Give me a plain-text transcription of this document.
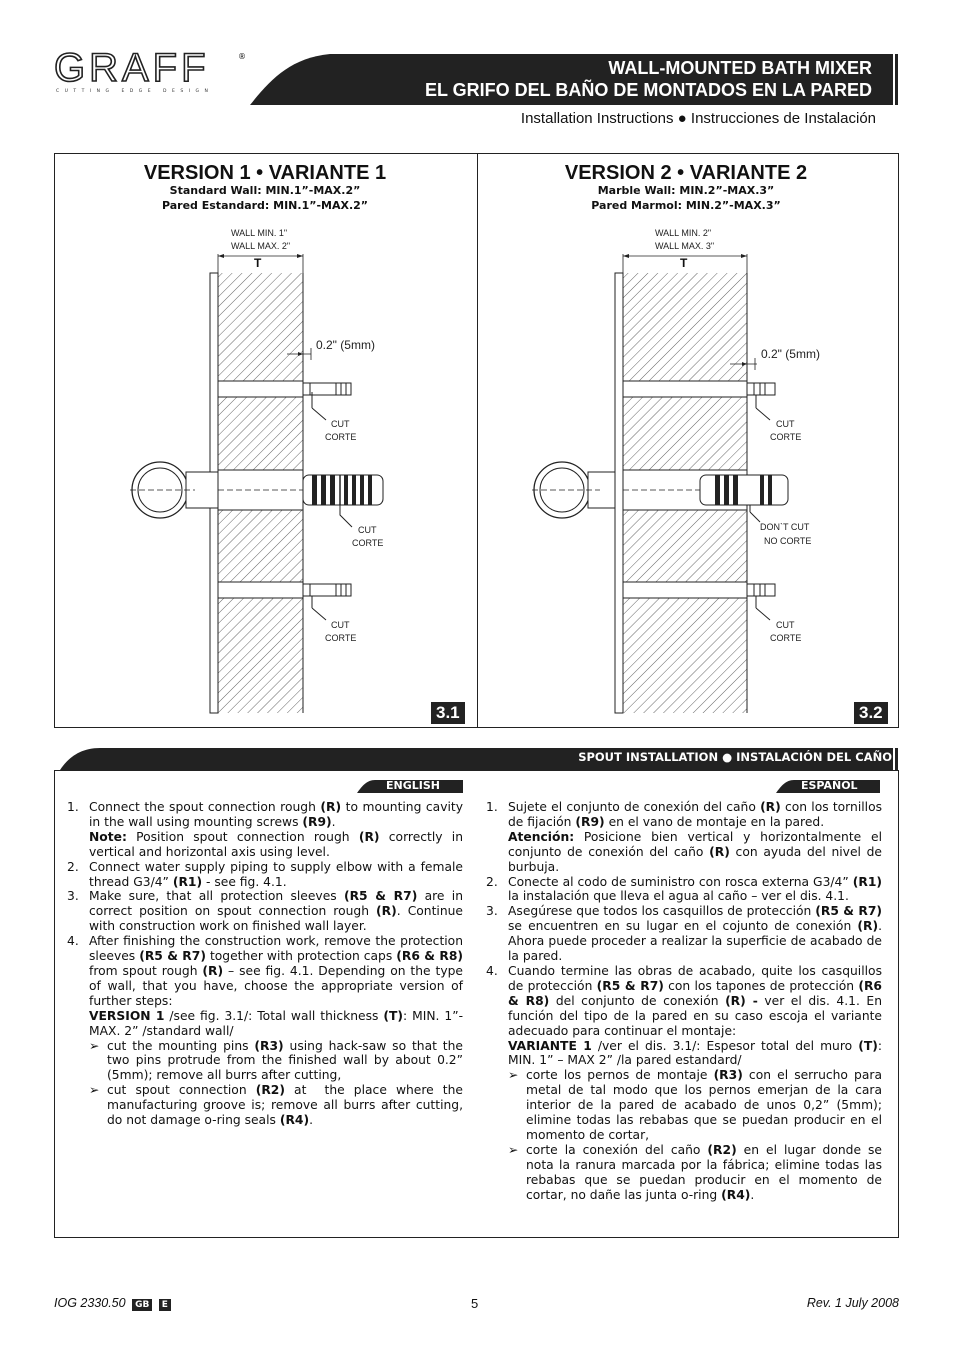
GRAFF	®
CUTTING EDGE DESIGN
WALL-MOUNTED BATH MIXER
EL GRIFO DEL BAÑO DE MONTADOS EN LA PARED
Installation Instructions ● Instrucciones de Instalación
VERSION 1 • VARIANTE 1
Standard Wall: MIN.1”-MAX.2”
Pared Estandard: MIN.1”-MAX.2”
VERSION 2 • VARIANTE 2
Marble Wall: MIN.2”-MAX.3”
Pared Marmol: MIN.2”-MAX.3”
WALL MIN. 1"
WALL MAX. 2"
T
0.2" (5mm)
CUT
CORTE
CUT
CORTE
CUT
CORTE
3.1
WALL MIN. 2"
WALL MAX. 3"
T
0.2" (5mm)
CUT
CORTE
DON`T CUT
NO CORTE
CUT
CORTE
3.2
SPOUT INSTALLATION ● INSTALACIÓN DEL CAÑO
ENGLISH	ESPAÑOL
1. Connect the spout connection rough (R) to mounting cavity in the wall using mounting screws (R9).
Note: Position spout connection rough (R) correctly in vertical and horizontal axis using level.
2. Connect water supply piping to supply elbow with a female thread G3/4” (R1) - see fig. 4.1.
3. Make sure, that all protection sleeves (R5 & R7) are in correct position on spout connection rough (R). Continue with construction work on finished wall layer.
4. After finishing the construction work, remove the protection sleeves (R5 & R7) together with protection caps (R6 & R8) from spout rough (R) – see fig. 4.1. Depending on the type of wall, that you have, choose the appropriate version of further steps:
VERSION 1 /see fig. 3.1/: Total wall thickness (T): MIN. 1”- MAX. 2” /standard wall/
➢ cut the mounting pins (R3) using hack-saw so that the two pins protrude from the finished wall by about 0.2” (5mm); remove all burrs after cutting,
➢ cut spout connection (R2) at  the place where the manufacturing groove is; remove all burrs after cutting, do not damage o-ring seals (R4).
1. Sujete el conjunto de conexión del caño (R) con los tornillos de fijación (R9) en el vano de montaje en la pared.
Atención: Posicione bien vertical y horizontalmente el conjunto de conexión del caño (R) con ayuda del nivel de burbuja.
2. Conecte al codo de suministro con rosca externa G3/4” (R1) la instalación que lleva el agua al caño – ver el dis. 4.1.
3. Asegúrese que todos los casquillos de protección (R5 & R7) se encuentren en su lugar en el cojunto de conexión (R). Ahora puede proceder a realizar la superficie de acabado de la pared.
4. Cuando termine las obras de acabado, quite los casquillos de protección (R5 & R7) con los tapones de protección (R6 & R8) del conjunto de conexión (R) - ver el dis. 4.1. En función del tipo de la pared en su caso escoja el variante adecuado para continuar el montaje:
VARIANTE 1 /ver el dis. 3.1/: Espesor total del muro (T): MIN. 1” – MAX 2” /la pared estandard/
➢ corte los pernos de montaje (R3) con el serrucho para metal de tal modo que los pernos emerjan de la cara interior de la pared de acabado de unos 0,2” (5mm); elimine todas las rebabas que se puedan producir en el momento de cortar,
➢ corte la conexión del caño (R2) en el lugar donde se nota la ranura marcada por la fábrica; elimine todas las rebabas que se puedan producir en el momento de cortar, no dañe las junta o-ring (R4).
IOG 2330.50 GB E	5	Rev. 1 July 2008
